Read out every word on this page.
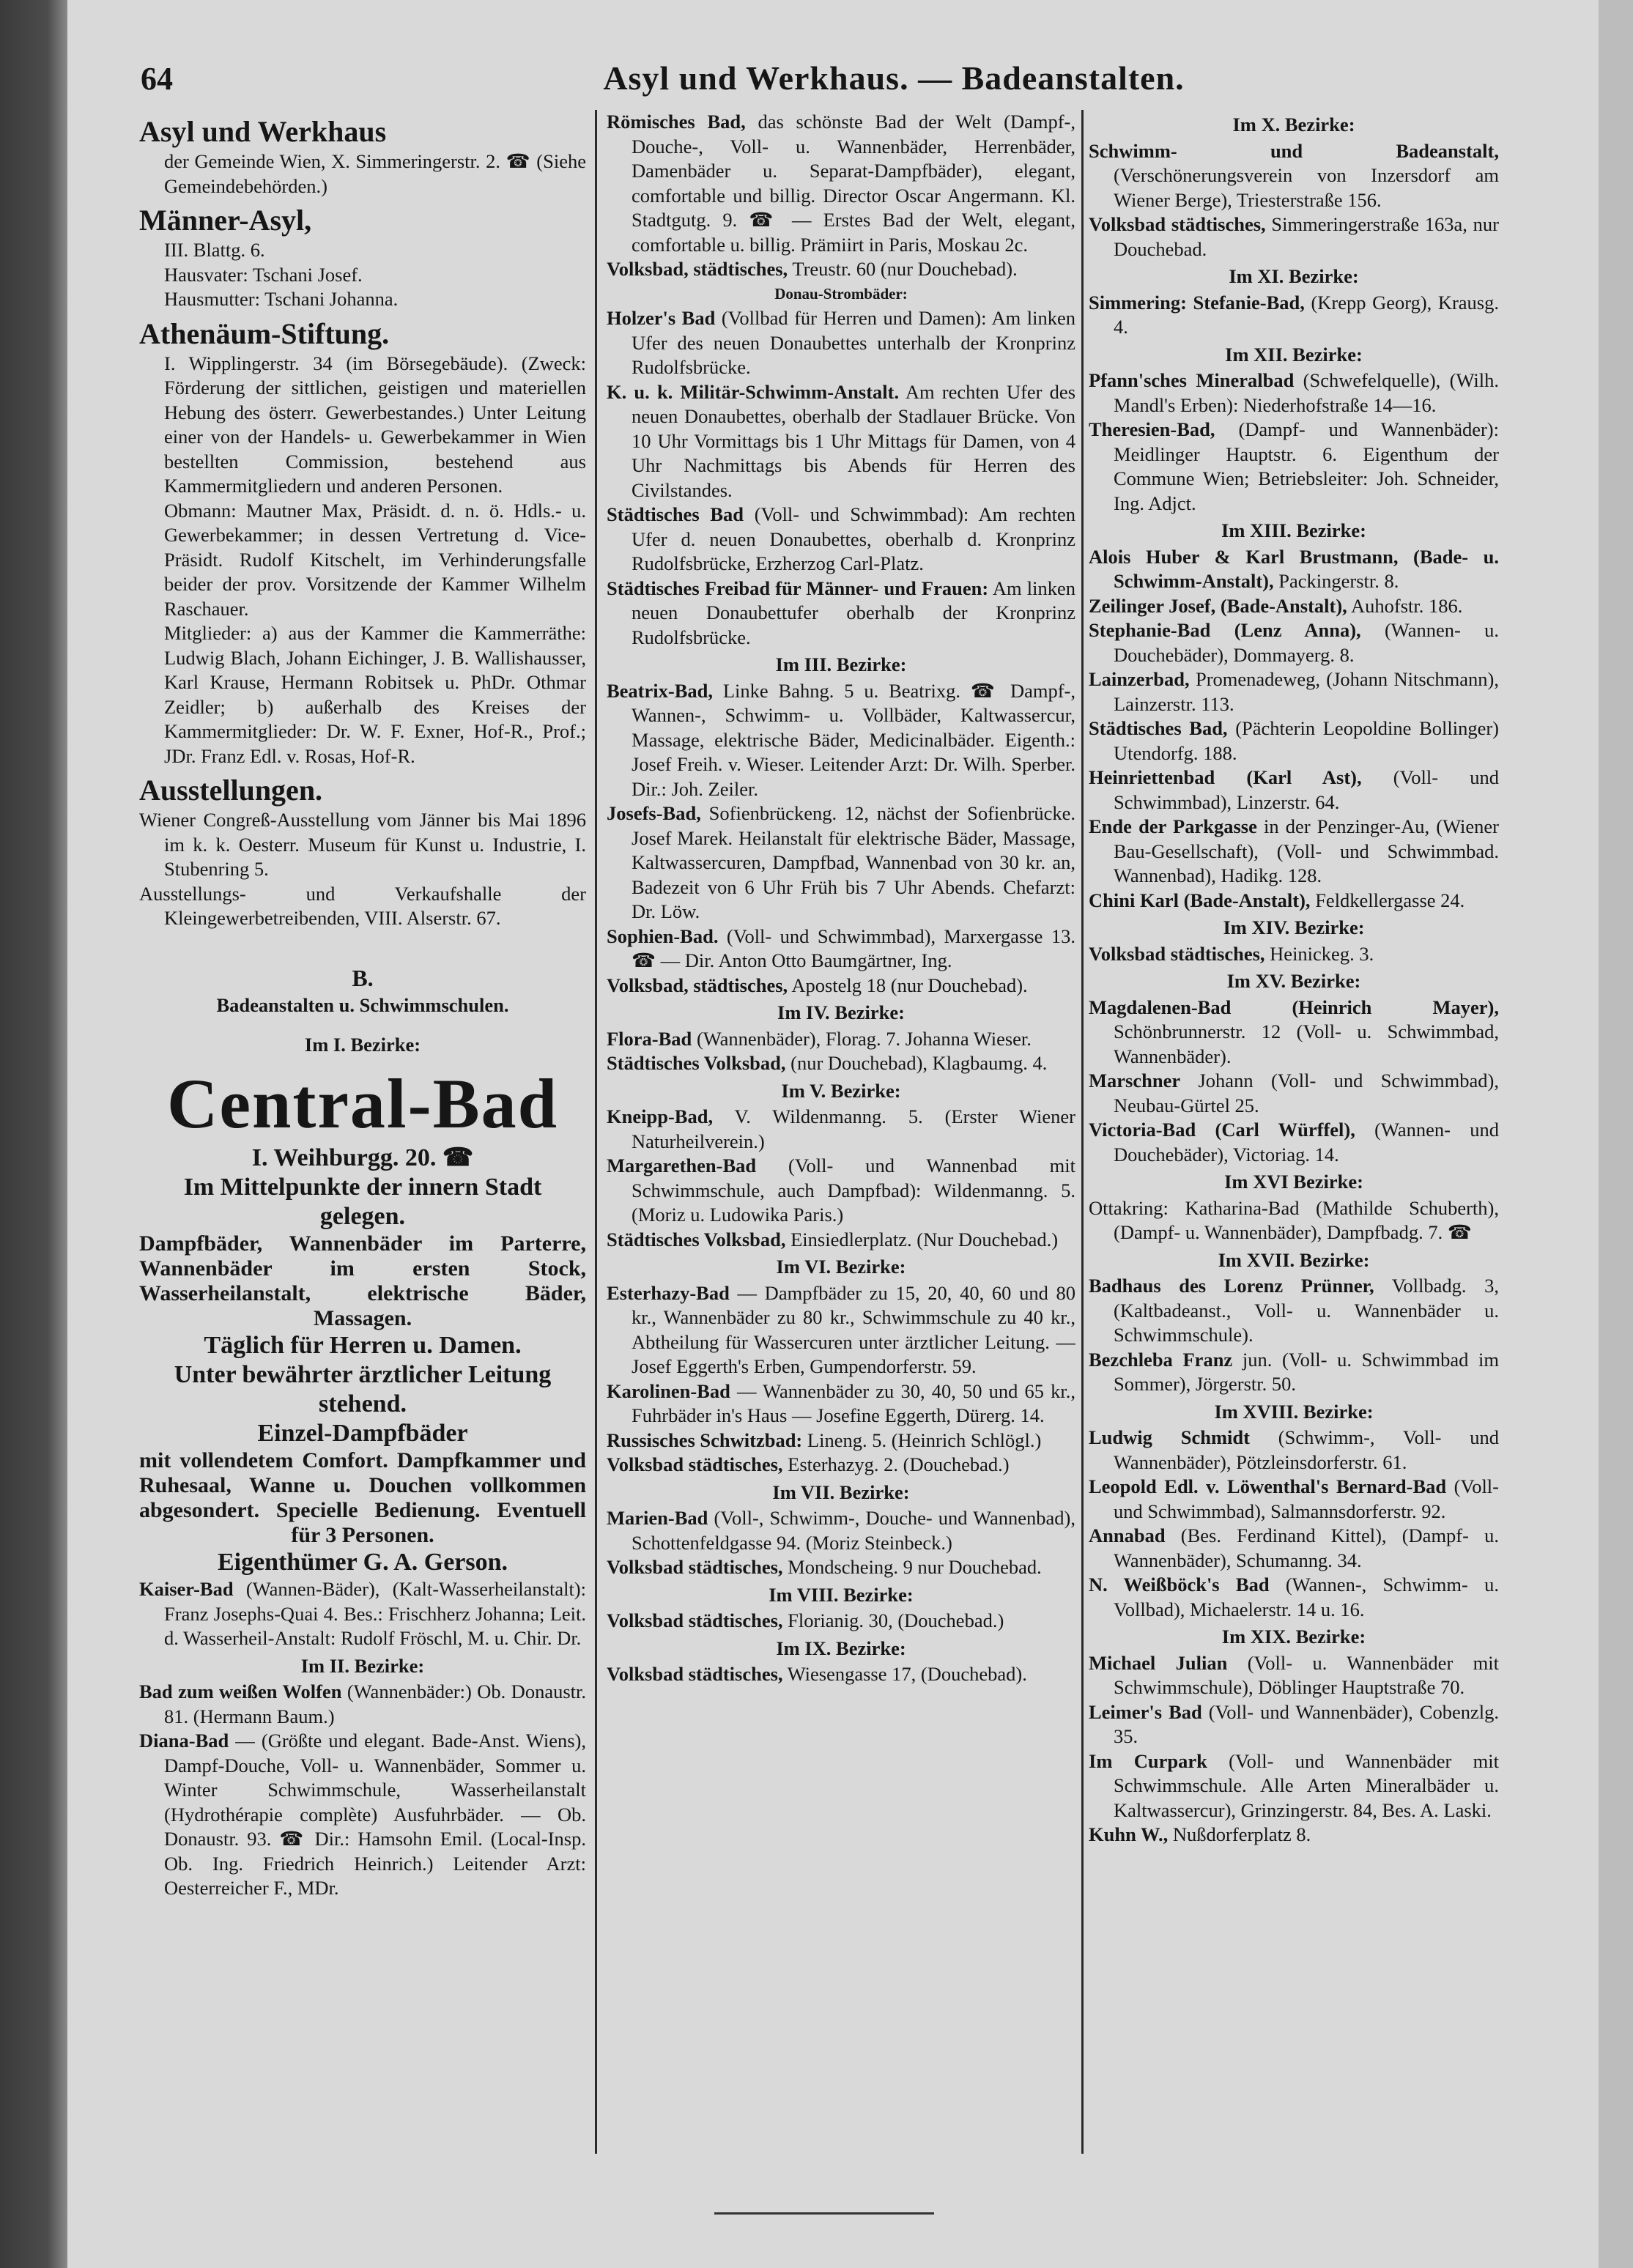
64	Asyl und Werkhaus. — Badeanstalten.
Asyl und Werkhaus

der Gemeinde Wien, X. Simmeringerstr. 2. ☎ (Siehe Gemeindebehörden.)

Männer-Asyl,

III. Blattg. 6.

Hausvater: Tschani Josef.

Hausmutter: Tschani Johanna.

Athenäum-Stiftung.

I. Wipplingerstr. 34 (im Börsegebäude). (Zweck: Förderung der sittlichen, geistigen und materiellen Hebung des österr. Gewerbestandes.) Unter Leitung einer von der Handels- u. Gewerbekammer in Wien bestellten Commission, bestehend aus Kammermitgliedern und anderen Personen.

Obmann: Mautner Max, Präsidt. d. n. ö. Hdls.- u. Gewerbekammer; in dessen Vertretung d. Vice-Präsidt. Rudolf Kitschelt, im Verhinderungsfalle beider der prov. Vorsitzende der Kammer Wilhelm Raschauer.

Mitglieder: a) aus der Kammer die Kammerräthe: Ludwig Blach, Johann Eichinger, J. B. Wallishausser, Karl Krause, Hermann Robitsek u. PhDr. Othmar Zeidler; b) außerhalb des Kreises der Kammermitglieder: Dr. W. F. Exner, Hof-R., Prof.; JDr. Franz Edl. v. Rosas, Hof-R.

Ausstellungen.

Wiener Congreß-Ausstellung vom Jänner bis Mai 1896 im k. k. Oesterr. Museum für Kunst u. Industrie, I. Stubenring 5.

Ausstellungs- und Verkaufshalle der Kleingewerbetreibenden, VIII. Alserstr. 67.

B.
Badeanstalten u. Schwimmschulen.
Im I. Bezirke:
Central-Bad
I. Weihburgg. 20. ☎
Im Mittelpunkte der innern Stadt gelegen.
Dampfbäder, Wannenbäder im Parterre, Wannenbäder im ersten Stock, Wasserheilanstalt, elektrische Bäder, Massagen.
Täglich für Herren u. Damen.
Unter bewährter ärztlicher Leitung stehend.
Einzel-Dampfbäder
mit vollendetem Comfort. Dampfkammer und Ruhesaal, Wanne u. Douchen vollkommen abgesondert. Specielle Bedienung. Eventuell für 3 Personen.
Eigenthümer G. A. Gerson.

Kaiser-Bad (Wannen-Bäder), (Kalt-Wasserheilanstalt): Franz Josephs-Quai 4. Bes.: Frischherz Johanna; Leit. d. Wasserheil-Anstalt: Rudolf Fröschl, M. u. Chir. Dr.

Im II. Bezirke:

Bad zum weißen Wolfen (Wannenbäder:) Ob. Donaustr. 81. (Hermann Baum.)

Diana-Bad — (Größte und elegant. Bade-Anst. Wiens), Dampf-Douche, Voll- u. Wannenbäder, Sommer u. Winter Schwimmschule, Wasserheilanstalt (Hydrothérapie complète) Ausfuhrbäder. — Ob. Donaustr. 93. ☎ Dir.: Hamsohn Emil. (Local-Insp. Ob. Ing. Friedrich Heinrich.) Leitender Arzt: Oesterreicher F., MDr.

Römisches Bad, das schönste Bad der Welt (Dampf-, Douche-, Voll- u. Wannenbäder, Herrenbäder, Damenbäder u. Separat-Dampfbäder), elegant, comfortable und billig. Director Oscar Angermann. Kl. Stadtgutg. 9. ☎ — Erstes Bad der Welt, elegant, comfortable u. billig. Prämiirt in Paris, Moskau 2c.

Volksbad, städtisches, Treustr. 60 (nur Douchebad).

Donau-Strombäder:

Holzer's Bad (Vollbad für Herren und Damen): Am linken Ufer des neuen Donaubettes unterhalb der Kronprinz Rudolfsbrücke.

K. u. k. Militär-Schwimm-Anstalt. Am rechten Ufer des neuen Donaubettes, oberhalb der Stadlauer Brücke. Von 10 Uhr Vormittags bis 1 Uhr Mittags für Damen, von 4 Uhr Nachmittags bis Abends für Herren des Civilstandes.

Städtisches Bad (Voll- und Schwimmbad): Am rechten Ufer d. neuen Donaubettes, oberhalb d. Kronprinz Rudolfsbrücke, Erzherzog Carl-Platz.

Städtisches Freibad für Männer- und Frauen: Am linken neuen Donaubettufer oberhalb der Kronprinz Rudolfsbrücke.

Im III. Bezirke:

Beatrix-Bad, Linke Bahng. 5 u. Beatrixg. ☎ Dampf-, Wannen-, Schwimm- u. Vollbäder, Kaltwassercur, Massage, elektrische Bäder, Medicinalbäder. Eigenth.: Josef Freih. v. Wieser. Leitender Arzt: Dr. Wilh. Sperber. Dir.: Joh. Zeiler.

Josefs-Bad, Sofienbrückeng. 12, nächst der Sofienbrücke. Josef Marek. Heilanstalt für elektrische Bäder, Massage, Kaltwassercuren, Dampfbad, Wannenbad von 30 kr. an, Badezeit von 6 Uhr Früh bis 7 Uhr Abends. Chefarzt: Dr. Löw.

Sophien-Bad. (Voll- und Schwimmbad), Marxergasse 13. ☎ — Dir. Anton Otto Baumgärtner, Ing.

Volksbad, städtisches, Apostelg 18 (nur Douchebad).

Im IV. Bezirke:

Flora-Bad (Wannenbäder), Florag. 7. Johanna Wieser.

Städtisches Volksbad, (nur Douchebad), Klagbaumg. 4.

Im V. Bezirke:

Kneipp-Bad, V. Wildenmanng. 5. (Erster Wiener Naturheilverein.)

Margarethen-Bad (Voll- und Wannenbad mit Schwimmschule, auch Dampfbad): Wildenmanng. 5. (Moriz u. Ludowika Paris.)

Städtisches Volksbad, Einsiedlerplatz. (Nur Douchebad.)

Im VI. Bezirke:

Esterhazy-Bad — Dampfbäder zu 15, 20, 40, 60 und 80 kr., Wannenbäder zu 80 kr., Schwimmschule zu 40 kr., Abtheilung für Wassercuren unter ärztlicher Leitung. — Josef Eggerth's Erben, Gumpendorferstr. 59.

Karolinen-Bad — Wannenbäder zu 30, 40, 50 und 65 kr., Fuhrbäder in's Haus — Josefine Eggerth, Dürerg. 14.

Russisches Schwitzbad: Lineng. 5. (Heinrich Schlögl.)

Volksbad städtisches, Esterhazyg. 2. (Douchebad.)

Im VII. Bezirke:

Marien-Bad (Voll-, Schwimm-, Douche- und Wannenbad), Schottenfeldgasse 94. (Moriz Steinbeck.)

Volksbad städtisches, Mondscheing. 9 nur Douchebad.

Im VIII. Bezirke:

Volksbad städtisches, Florianig. 30, (Douchebad.)

Im IX. Bezirke:

Volksbad städtisches, Wiesengasse 17, (Douchebad).

Im X. Bezirke:

Schwimm- und Badeanstalt, (Verschönerungsverein von Inzersdorf am Wiener Berge), Triesterstraße 156.

Volksbad städtisches, Simmeringerstraße 163a, nur Douchebad.

Im XI. Bezirke:

Simmering: Stefanie-Bad, (Krepp Georg), Krausg. 4.

Im XII. Bezirke:

Pfann'sches Mineralbad (Schwefelquelle), (Wilh. Mandl's Erben): Niederhofstraße 14—16.

Theresien-Bad, (Dampf- und Wannenbäder): Meidlinger Hauptstr. 6. Eigenthum der Commune Wien; Betriebsleiter: Joh. Schneider, Ing. Adjct.

Im XIII. Bezirke:

Alois Huber & Karl Brustmann, (Bade- u. Schwimm-Anstalt), Packingerstr. 8.

Zeilinger Josef, (Bade-Anstalt), Auhofstr. 186.

Stephanie-Bad (Lenz Anna), (Wannen- u. Douchebäder), Dommayerg. 8.

Lainzerbad, Promenadeweg, (Johann Nitschmann), Lainzerstr. 113.

Städtisches Bad, (Pächterin Leopoldine Bollinger) Utendorfg. 188.

Heinriettenbad (Karl Ast), (Voll- und Schwimmbad), Linzerstr. 64.

Ende der Parkgasse in der Penzinger-Au, (Wiener Bau-Gesellschaft), (Voll- und Schwimmbad. Wannenbad), Hadikg. 128.

Chini Karl (Bade-Anstalt), Feldkellergasse 24.

Im XIV. Bezirke:

Volksbad städtisches, Heinickeg. 3.

Im XV. Bezirke:

Magdalenen-Bad (Heinrich Mayer), Schönbrunnerstr. 12 (Voll- u. Schwimmbad, Wannenbäder).

Marschner Johann (Voll- und Schwimmbad), Neubau-Gürtel 25.

Victoria-Bad (Carl Würffel), (Wannen- und Douchebäder), Victoriag. 14.

Im XVI Bezirke:

Ottakring: Katharina-Bad (Mathilde Schuberth), (Dampf- u. Wannenbäder), Dampfbadg. 7. ☎

Im XVII. Bezirke:

Badhaus des Lorenz Prünner, Vollbadg. 3, (Kaltbadeanst., Voll- u. Wannenbäder u. Schwimmschule).

Bezchleba Franz jun. (Voll- u. Schwimmbad im Sommer), Jörgerstr. 50.

Im XVIII. Bezirke:

Ludwig Schmidt (Schwimm-, Voll- und Wannenbäder), Pötzleinsdorferstr. 61.

Leopold Edl. v. Löwenthal's Bernard-Bad (Voll- und Schwimmbad), Salmannsdorferstr. 92.

Annabad (Bes. Ferdinand Kittel), (Dampf- u. Wannenbäder), Schumanng. 34.

N. Weißböck's Bad (Wannen-, Schwimm- u. Vollbad), Michaelerstr. 14 u. 16.

Im XIX. Bezirke:

Michael Julian (Voll- u. Wannenbäder mit Schwimmschule), Döblinger Hauptstraße 70.

Leimer's Bad (Voll- und Wannenbäder), Cobenzlg. 35.

Im Curpark (Voll- und Wannenbäder mit Schwimmschule. Alle Arten Mineralbäder u. Kaltwassercur), Grinzingerstr. 84, Bes. A. Laski.

Kuhn W., Nußdorferplatz 8.
